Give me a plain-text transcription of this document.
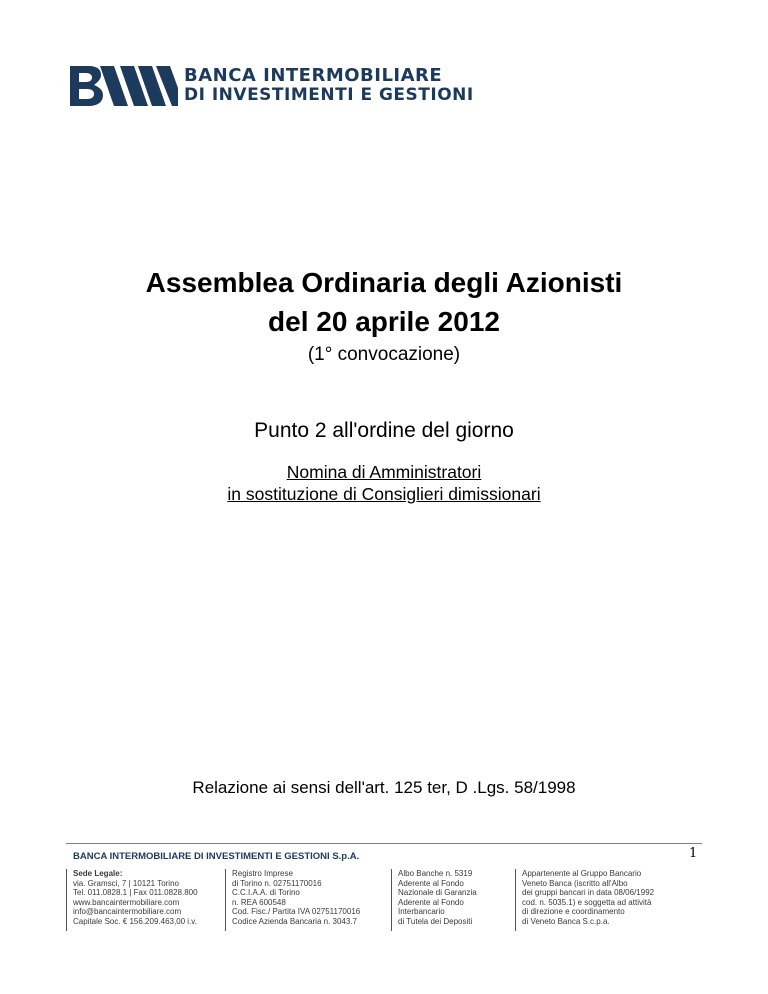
BANCA INTERMOBILIARE
DI INVESTIMENTI E GESTIONI
Assemblea Ordinaria degli Azionisti
del 20 aprile 2012
(1° convocazione)
Punto 2 all'ordine del giorno
Nomina di Amministratori
in sostituzione di Consiglieri dimissionari
Relazione ai sensi dell'art. 125 ter, D .Lgs. 58/1998
1
BANCA INTERMOBILIARE DI INVESTIMENTI E GESTIONI S.p.A.
Sede Legale:
via. Gramsci, 7 | 10121 Torino
Tel. 011.0828.1 | Fax 011.0828.800
www.bancaintermobiliare.com
info@bancaintermobiliare.com
Capitale Soc. € 156.209.463,00 i.v.
Registro Imprese
di Torino n. 02751170016
C.C.I.A.A. di Torino
n. REA 600548
Cod. Fisc./ Partita IVA 02751170016
Codice Azienda Bancaria n. 3043.7
Albo Banche n. 5319
Aderente al Fondo
Nazionale di Garanzia
Aderente al Fondo
Interbancario
di Tutela dei Depositi
Appartenente al Gruppo Bancario
Veneto Banca (iscritto all'Albo
dei gruppi bancari in data 08/06/1992
cod. n. 5035.1) e soggetta ad attività
di direzione e coordinamento
di Veneto Banca S.c.p.a.
